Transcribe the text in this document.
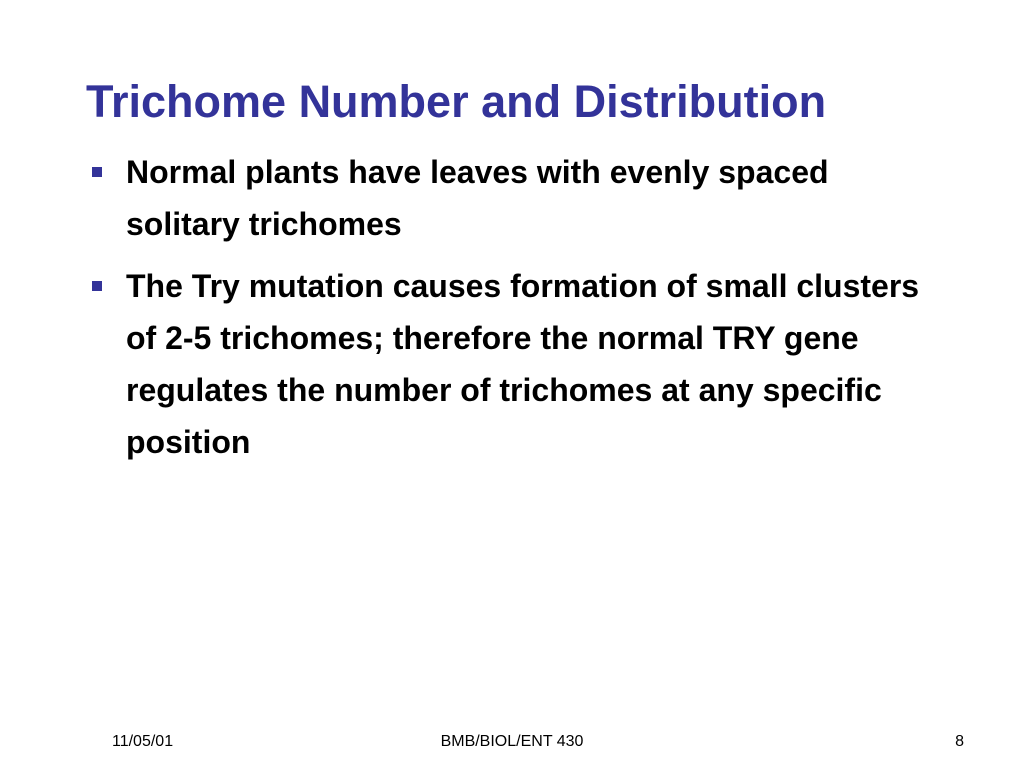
Trichome Number and Distribution
Normal plants have leaves with evenly spaced solitary trichomes
The Try mutation causes formation of small clusters of 2-5 trichomes; therefore the normal TRY gene regulates the number of trichomes at any specific position
11/05/01	BMB/BIOL/ENT 430	8
